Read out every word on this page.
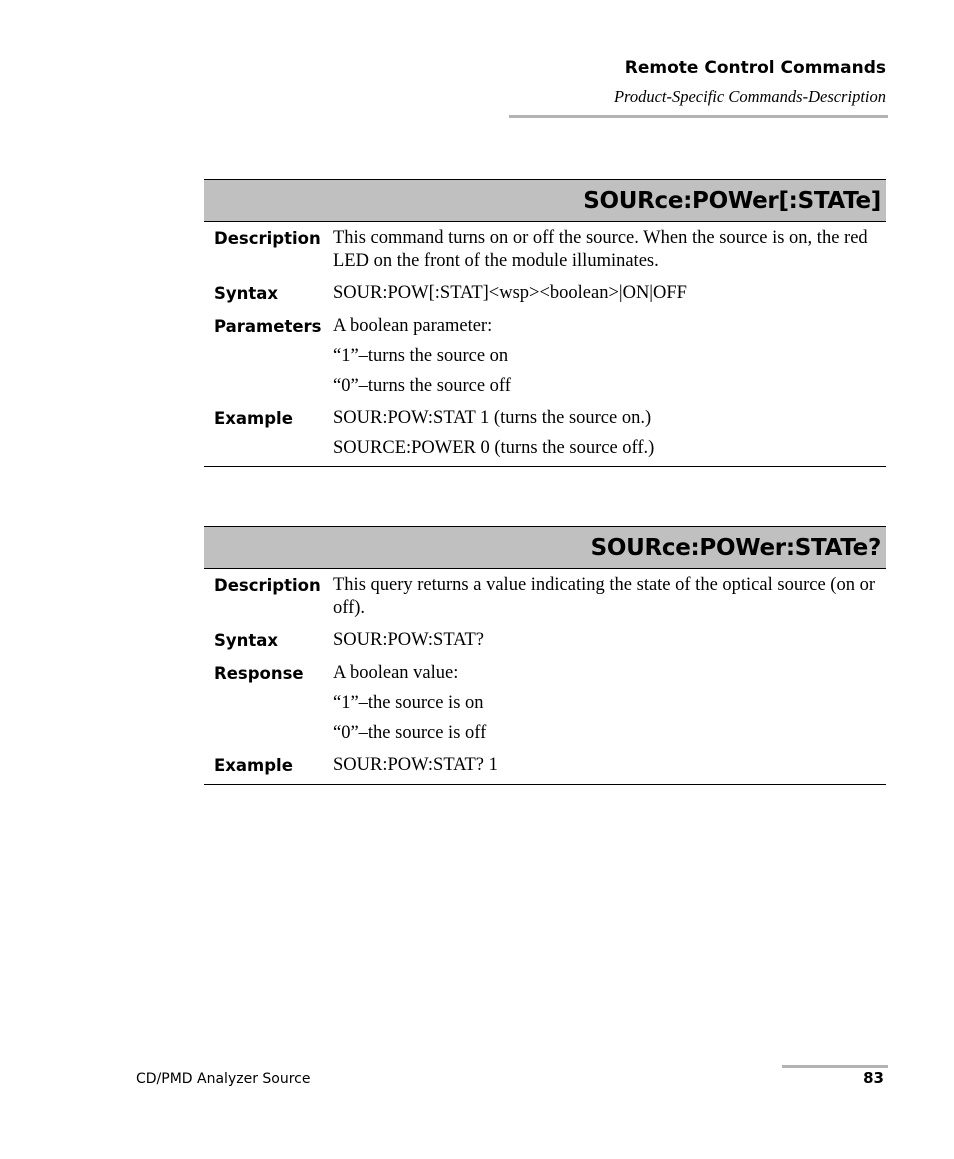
Remote Control Commands
Product-Specific Commands-Description
SOURce:POWer[:STATe]
Description This command turns on or off the source. When the source is on, the red LED on the front of the module illuminates.

Syntax	SOUR:POW[:STAT]<wsp><boolean>|ON|OFF

Parameters A boolean parameter:

“1”–turns the source on

“0”–turns the source off

Example	SOUR:POW:STAT 1 (turns the source on.)

SOURCE:POWER 0 (turns the source off.)

SOURce:POWer:STATe?
Description This query returns a value indicating the state of the optical source (on or off).

Syntax	SOUR:POW:STAT?

Response	A boolean value:

“1”–the source is on

“0”–the source is off

Example	SOUR:POW:STAT? 1

CD/PMD Analyzer Source	83
